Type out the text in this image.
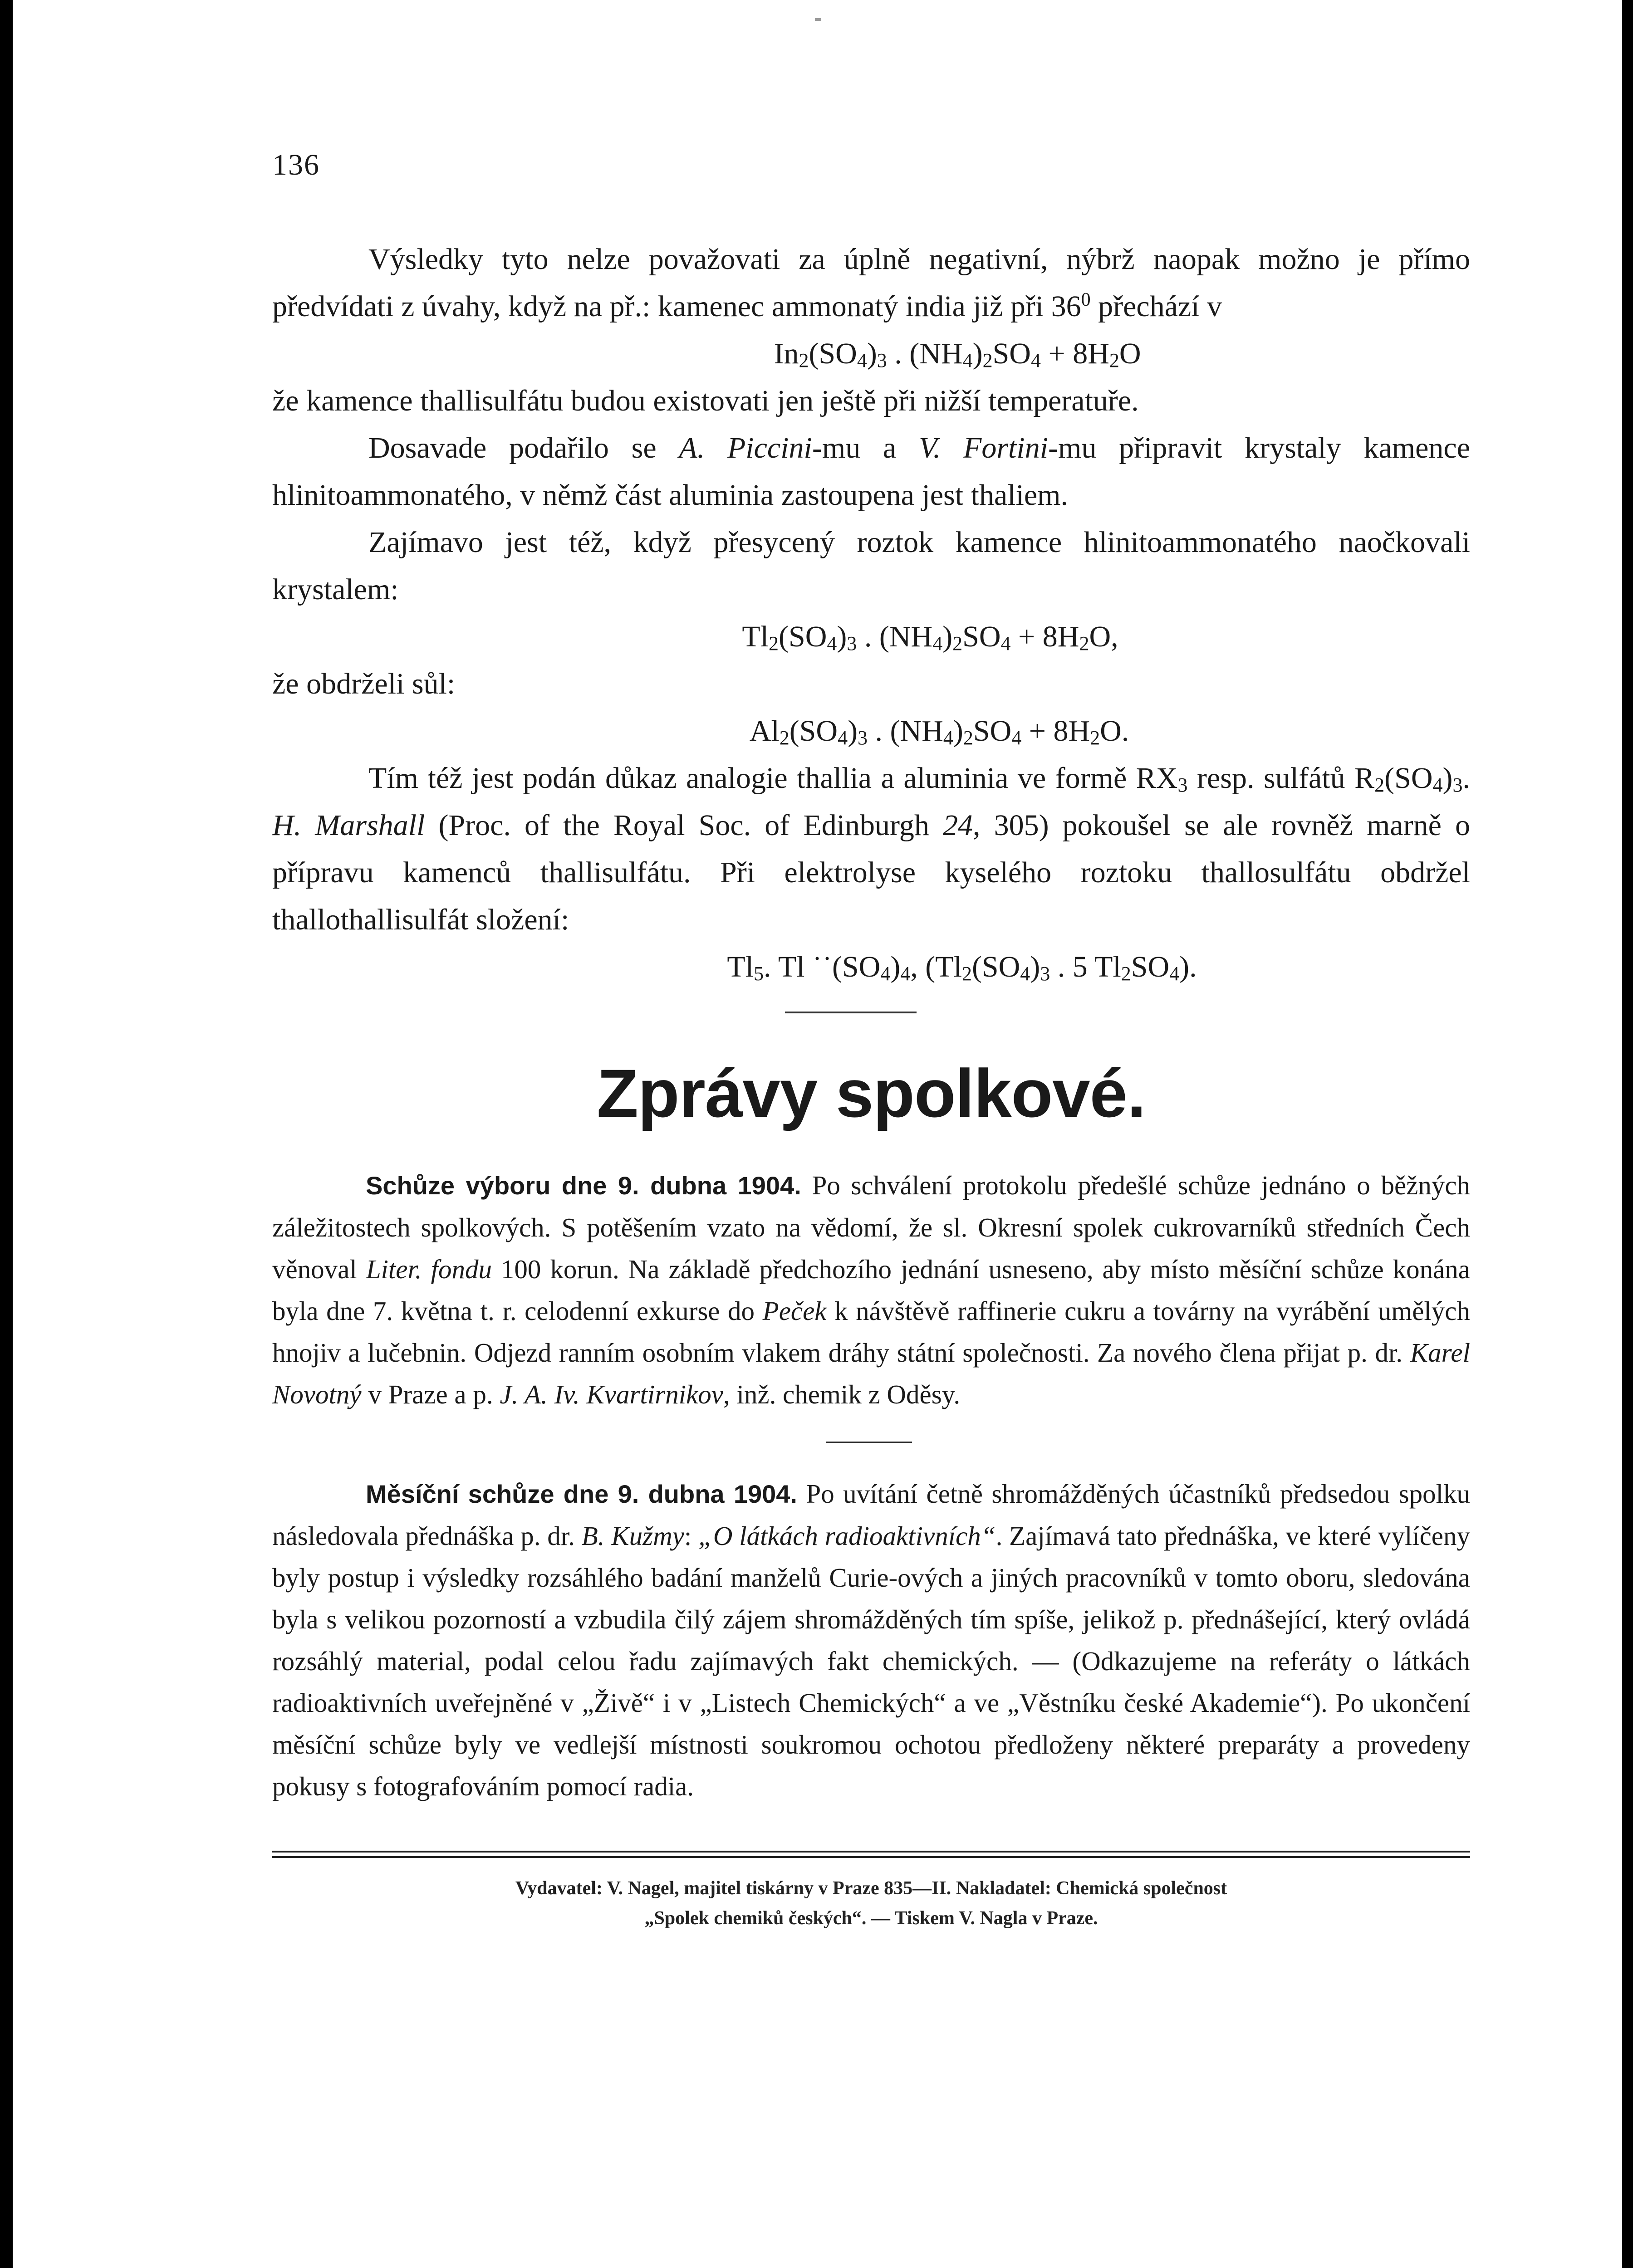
136

Výsledky tyto nelze považovati za úplně negativní, nýbrž naopak možno je přímo předvídati z úvahy, když na př.: kamenec ammonatý india již při $36^0$ přechází v

$In_2(SO_4)_3$ . $(NH_4)_2SO_4 + 8H_2O$

že kamence thallisulfátu budou existovati jen ještě při nižší temperatuře.

Dosavade podařilo se A. Piccini-mu a V. Fortini-mu připravit krystaly kamence hlinitoammonatého, v němž část aluminia zastoupena jest thaliem.

Zajímavo jest též, když přesycený roztok kamence hlinitoammonatého naočkovali krystalem:

$Tl_2(SO_4)_3$ . $(NH_4)_2SO_4 + 8H_2O$,

že obdrželi sůl:

$Al_2(SO_4)_3$ . $(NH_4)_2SO_4 + 8H_2O$.

Tím též jest podán důkaz analogie thallia a aluminia ve formě $RX_3$ resp. sulfátů $R_2(SO_4)_3$. H. Marshall (Proc. of the Royal Soc. of Edinburgh 24, 305) pokoušel se ale rovněž marně o přípravu kamenců thallisulfátu. Při elektrolyse kyselého roztoku thallosulfátu obdržel thallothallisulfát složení:

$Tl_5$. Tl $˙˙(SO_4)_4$, ($Tl_2(SO_4)_3$ . 5 $Tl_2SO_4$).

Zprávy spolkové.

Schůze výboru dne 9. dubna 1904. Po schválení protokolu předešlé schůze jednáno o běžných záležitostech spolkových. S potěšením vzato na vědomí, že sl. Okresní spolek cukrovarníků středních Čech věnoval Liter. fondu 100 korun. Na základě předchozího jednání usneseno, aby místo měsíční schůze konána byla dne 7. května t. r. celodenní exkurse do Peček k návštěvě raffinerie cukru a továrny na vyrábění umělých hnojiv a lučebnin. Odjezd ranním osobním vlakem dráhy státní společnosti. Za nového člena přijat p. dr. Karel Novotný v Praze a p. J. A. Iv. Kvartirnikov, inž. chemik z Oděsy.

Měsíční schůze dne 9. dubna 1904. Po uvítání četně shromážděných účastníků předsedou spolku následovala přednáška p. dr. B. Kužmy: „O látkách radioaktivních“. Zajímavá tato přednáška, ve které vylíčeny byly postup i výsledky rozsáhlého badání manželů Curie-ových a jiných pracovníků v tomto oboru, sledována byla s velikou pozorností a vzbudila čilý zájem shromážděných tím spíše, jelikož p. přednášející, který ovládá rozsáhlý material, podal celou řadu zajímavých fakt chemických. — (Odkazujeme na referáty o látkách radioaktivních uveřejněné v „Živě“ i v „Listech Chemických“ a ve „Věstníku české Akademie“). Po ukončení měsíční schůze byly ve vedlejší místnosti soukromou ochotou předloženy některé preparáty a provedeny pokusy s fotografováním pomocí radia.

Vydavatel: V. Nagel, majitel tiskárny v Praze 835—II. Nakladatel: Chemická společnost
„Spolek chemiků českých“. — Tiskem V. Nagla v Praze.
